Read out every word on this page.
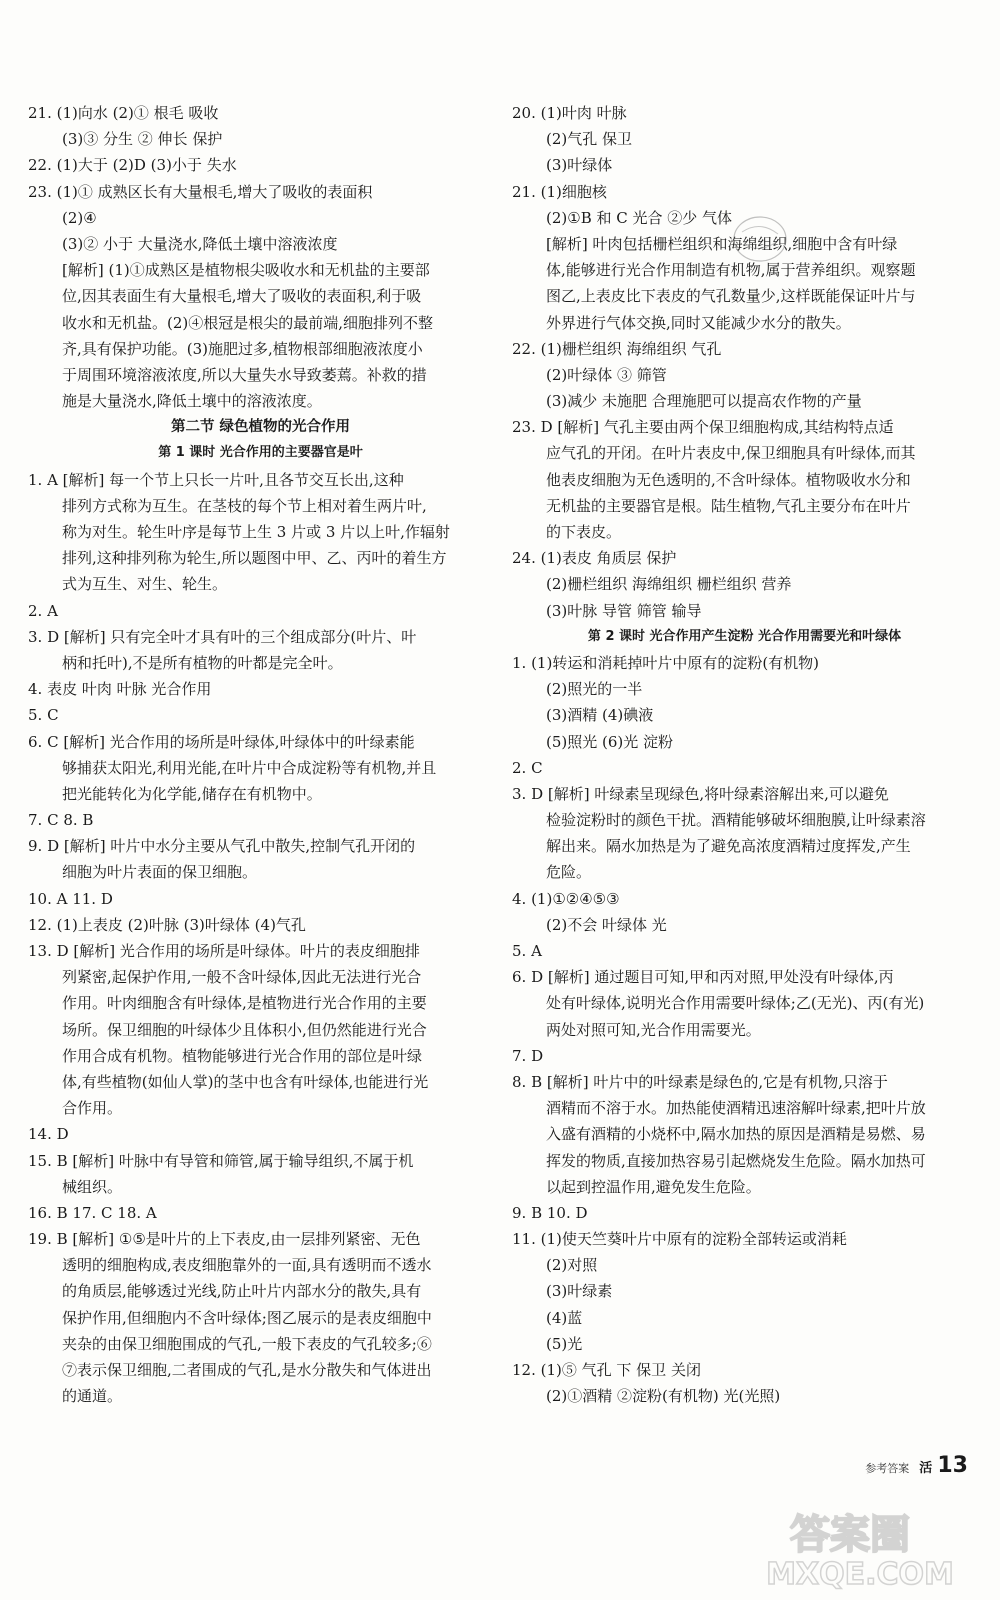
21. (1)向水 (2)① 根毛 吸收
(3)③ 分生 ② 伸长 保护
22. (1)大于 (2)D (3)小于 失水
23. (1)① 成熟区长有大量根毛,增大了吸收的表面积
(2)④
(3)② 小于 大量浇水,降低土壤中溶液浓度
[解析] (1)①成熟区是植物根尖吸收水和无机盐的主要部
位,因其表面生有大量根毛,增大了吸收的表面积,利于吸
收水和无机盐。(2)④根冠是根尖的最前端,细胞排列不整
齐,具有保护功能。(3)施肥过多,植物根部细胞液浓度小
于周围环境溶液浓度,所以大量失水导致萎蔫。补救的措
施是大量浇水,降低土壤中的溶液浓度。
第二节 绿色植物的光合作用
第 1 课时 光合作用的主要器官是叶
1. A [解析] 每一个节上只长一片叶,且各节交互长出,这种
排列方式称为互生。在茎枝的每个节上相对着生两片叶,
称为对生。轮生叶序是每节上生 3 片或 3 片以上叶,作辐射
排列,这种排列称为轮生,所以题图中甲、乙、丙叶的着生方
式为互生、对生、轮生。
2. A
3. D [解析] 只有完全叶才具有叶的三个组成部分(叶片、叶
柄和托叶),不是所有植物的叶都是完全叶。
4. 表皮 叶肉 叶脉 光合作用
5. C
6. C [解析] 光合作用的场所是叶绿体,叶绿体中的叶绿素能
够捕获太阳光,利用光能,在叶片中合成淀粉等有机物,并且
把光能转化为化学能,储存在有机物中。
7. C 8. B
9. D [解析] 叶片中水分主要从气孔中散失,控制气孔开闭的
细胞为叶片表面的保卫细胞。
10. A 11. D
12. (1)上表皮 (2)叶脉 (3)叶绿体 (4)气孔
13. D [解析] 光合作用的场所是叶绿体。叶片的表皮细胞排
列紧密,起保护作用,一般不含叶绿体,因此无法进行光合
作用。叶肉细胞含有叶绿体,是植物进行光合作用的主要
场所。保卫细胞的叶绿体少且体积小,但仍然能进行光合
作用合成有机物。植物能够进行光合作用的部位是叶绿
体,有些植物(如仙人掌)的茎中也含有叶绿体,也能进行光
合作用。
14. D
15. B [解析] 叶脉中有导管和筛管,属于输导组织,不属于机
械组织。
16. B 17. C 18. A
19. B [解析] ①⑤是叶片的上下表皮,由一层排列紧密、无色
透明的细胞构成,表皮细胞靠外的一面,具有透明而不透水
的角质层,能够透过光线,防止叶片内部水分的散失,具有
保护作用,但细胞内不含叶绿体;图乙展示的是表皮细胞中
夹杂的由保卫细胞围成的气孔,一般下表皮的气孔较多;⑥
⑦表示保卫细胞,二者围成的气孔,是水分散失和气体进出
的通道。
20. (1)叶肉 叶脉
(2)气孔 保卫
(3)叶绿体
21. (1)细胞核
(2)①B 和 C 光合 ②少 气体
[解析] 叶肉包括栅栏组织和海绵组织,细胞中含有叶绿
体,能够进行光合作用制造有机物,属于营养组织。观察题
图乙,上表皮比下表皮的气孔数量少,这样既能保证叶片与
外界进行气体交换,同时又能减少水分的散失。
22. (1)栅栏组织 海绵组织 气孔
(2)叶绿体 ③ 筛管
(3)减少 未施肥 合理施肥可以提高农作物的产量
23. D [解析] 气孔主要由两个保卫细胞构成,其结构特点适
应气孔的开闭。在叶片表皮中,保卫细胞具有叶绿体,而其
他表皮细胞为无色透明的,不含叶绿体。植物吸收水分和
无机盐的主要器官是根。陆生植物,气孔主要分布在叶片
的下表皮。
24. (1)表皮 角质层 保护
(2)栅栏组织 海绵组织 栅栏组织 营养
(3)叶脉 导管 筛管 输导
第 2 课时 光合作用产生淀粉 光合作用需要光和叶绿体
1. (1)转运和消耗掉叶片中原有的淀粉(有机物)
(2)照光的一半
(3)酒精 (4)碘液
(5)照光 (6)光 淀粉
2. C
3. D [解析] 叶绿素呈现绿色,将叶绿素溶解出来,可以避免
检验淀粉时的颜色干扰。酒精能够破坏细胞膜,让叶绿素溶
解出来。隔水加热是为了避免高浓度酒精过度挥发,产生
危险。
4. (1)①②④⑤③
(2)不会 叶绿体 光
5. A
6. D [解析] 通过题目可知,甲和丙对照,甲处没有叶绿体,丙
处有叶绿体,说明光合作用需要叶绿体;乙(无光)、丙(有光)
两处对照可知,光合作用需要光。
7. D
8. B [解析] 叶片中的叶绿素是绿色的,它是有机物,只溶于
酒精而不溶于水。加热能使酒精迅速溶解叶绿素,把叶片放
入盛有酒精的小烧杯中,隔水加热的原因是酒精是易燃、易
挥发的物质,直接加热容易引起燃烧发生危险。隔水加热可
以起到控温作用,避免发生危险。
9. B 10. D
11. (1)使天竺葵叶片中原有的淀粉全部转运或消耗
(2)对照
(3)叶绿素
(4)蓝
(5)光
12. (1)⑤ 气孔 下 保卫 关闭
(2)①酒精 ②淀粉(有机物) 光(光照)
参考答案 活 13
答案圈
MXQE.COM
